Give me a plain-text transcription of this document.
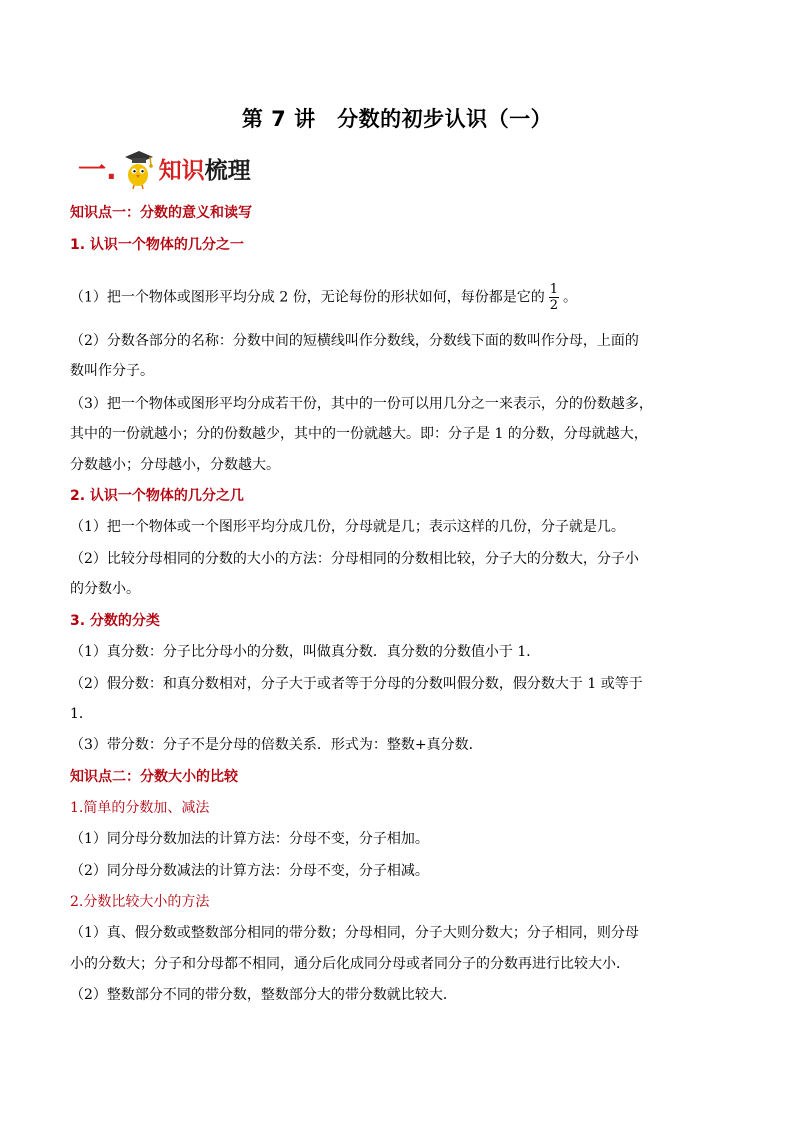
第 7 讲　分数的初步认识（一）
一. 知识 梳理
知识点一：分数的意义和读写
1. 认识一个物体的几分之一
（1）把一个物体或图形平均分成 2 份，无论每份的形状如何，每份都是它的 $\frac{1}{2}$ 。
（2）分数各部分的名称：分数中间的短横线叫作分数线，分数线下面的数叫作分母，上面的
数叫作分子。
（3）把一个物体或图形平均分成若干份，其中的一份可以用几分之一来表示，分的份数越多，
其中的一份就越小；分的份数越少，其中的一份就越大。即：分子是 1 的分数，分母就越大，
分数越小；分母越小，分数越大。
2. 认识一个物体的几分之几
（1）把一个物体或一个图形平均分成几份，分母就是几；表示这样的几份，分子就是几。
（2）比较分母相同的分数的大小的方法：分母相同的分数相比较，分子大的分数大，分子小
的分数小。
3. 分数的分类
（1）真分数：分子比分母小的分数，叫做真分数．真分数的分数值小于 1．
（2）假分数：和真分数相对，分子大于或者等于分母的分数叫假分数，假分数大于 1 或等于
1．
（3）带分数：分子不是分母的倍数关系．形式为：整数+真分数．
知识点二：分数大小的比较
1.简单的分数加、减法
（1）同分母分数加法的计算方法：分母不变，分子相加。
（2）同分母分数减法的计算方法：分母不变，分子相减。
2.分数比较大小的方法
（1）真、假分数或整数部分相同的带分数；分母相同，分子大则分数大；分子相同，则分母
小的分数大；分子和分母都不相同，通分后化成同分母或者同分子的分数再进行比较大小．
（2）整数部分不同的带分数，整数部分大的带分数就比较大．
